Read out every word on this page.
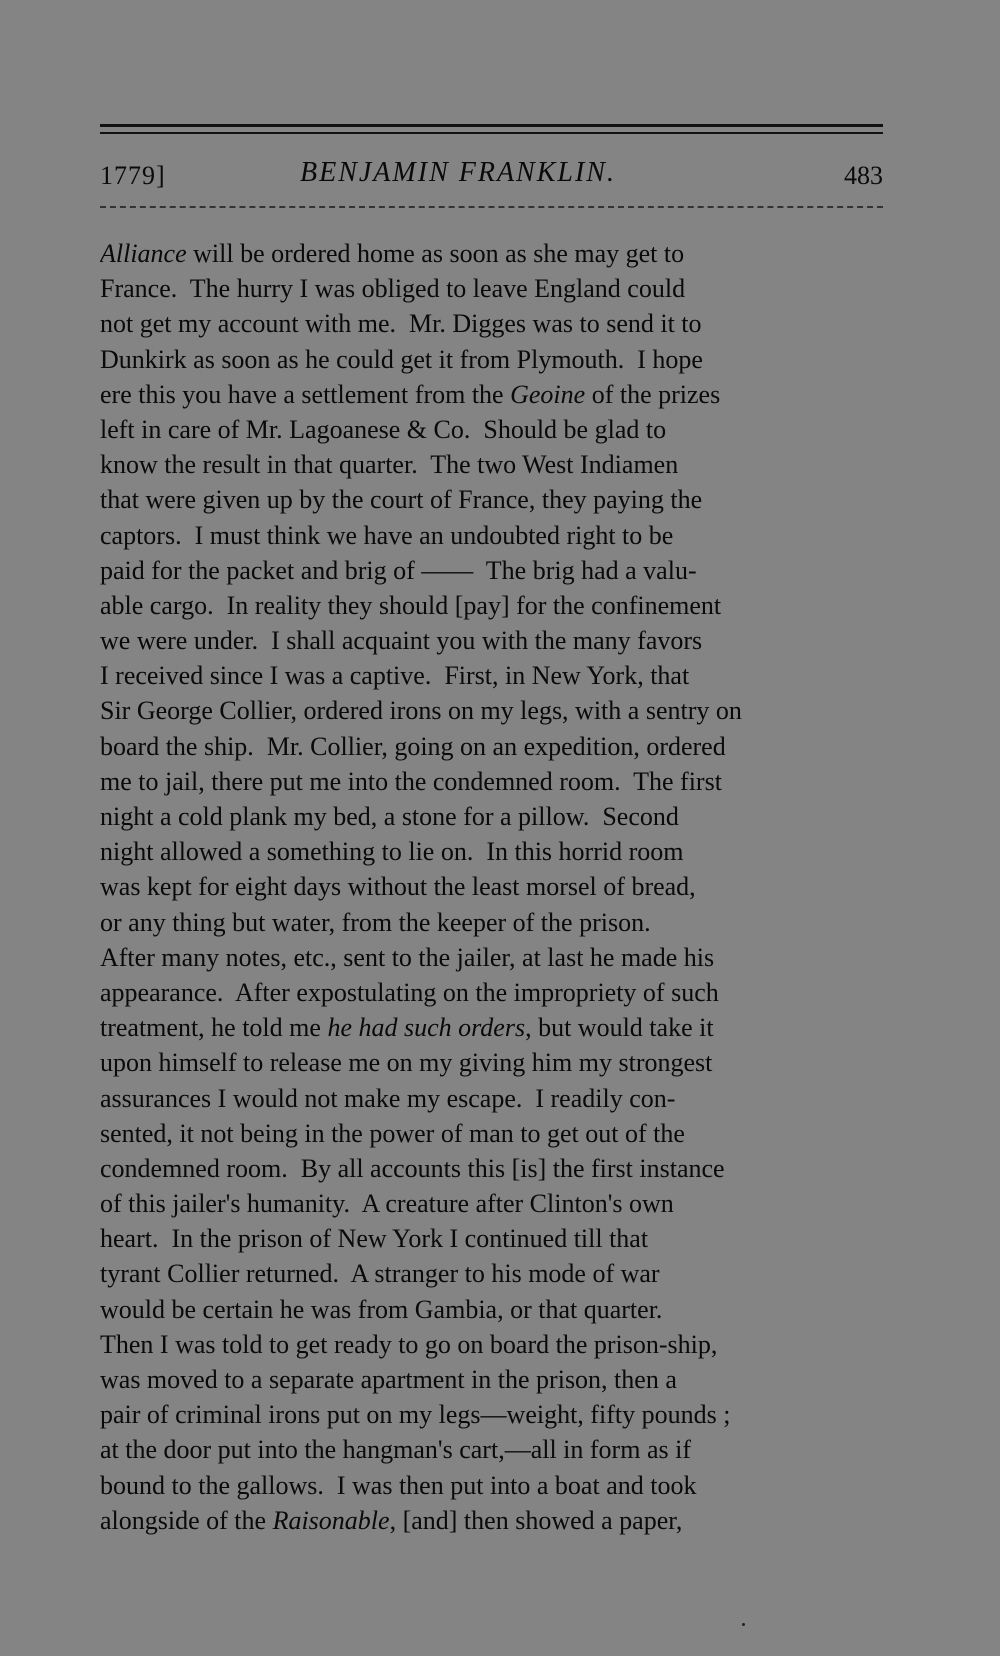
1779]	BENJAMIN FRANKLIN.	483
Alliance will be ordered home as soon as she may get to
France.  The hurry I was obliged to leave England could
not get my account with me.  Mr. Digges was to send it to
Dunkirk as soon as he could get it from Plymouth.  I hope
ere this you have a settlement from the Geoine of the prizes
left in care of Mr. Lagoanese & Co.  Should be glad to
know the result in that quarter.  The two West Indiamen
that were given up by the court of France, they paying the
captors.  I must think we have an undoubted right to be
paid for the packet and brig of ——  The brig had a valu-
able cargo.  In reality they should [pay] for the confinement
we were under.  I shall acquaint you with the many favors
I received since I was a captive.  First, in New York, that
Sir George Collier, ordered irons on my legs, with a sentry on
board the ship.  Mr. Collier, going on an expedition, ordered
me to jail, there put me into the condemned room.  The first
night a cold plank my bed, a stone for a pillow.  Second
night allowed a something to lie on.  In this horrid room
was kept for eight days without the least morsel of bread,
or any thing but water, from the keeper of the prison.
After many notes, etc., sent to the jailer, at last he made his
appearance.  After expostulating on the impropriety of such
treatment, he told me he had such orders, but would take it
upon himself to release me on my giving him my strongest
assurances I would not make my escape.  I readily con-
sented, it not being in the power of man to get out of the
condemned room.  By all accounts this [is] the first instance
of this jailer's humanity.  A creature after Clinton's own
heart.  In the prison of New York I continued till that
tyrant Collier returned.  A stranger to his mode of war
would be certain he was from Gambia, or that quarter.
Then I was told to get ready to go on board the prison-ship,
was moved to a separate apartment in the prison, then a
pair of criminal irons put on my legs—weight, fifty pounds ;
at the door put into the hangman's cart,—all in form as if
bound to the gallows.  I was then put into a boat and took
alongside of the Raisonable, [and] then showed a paper,
